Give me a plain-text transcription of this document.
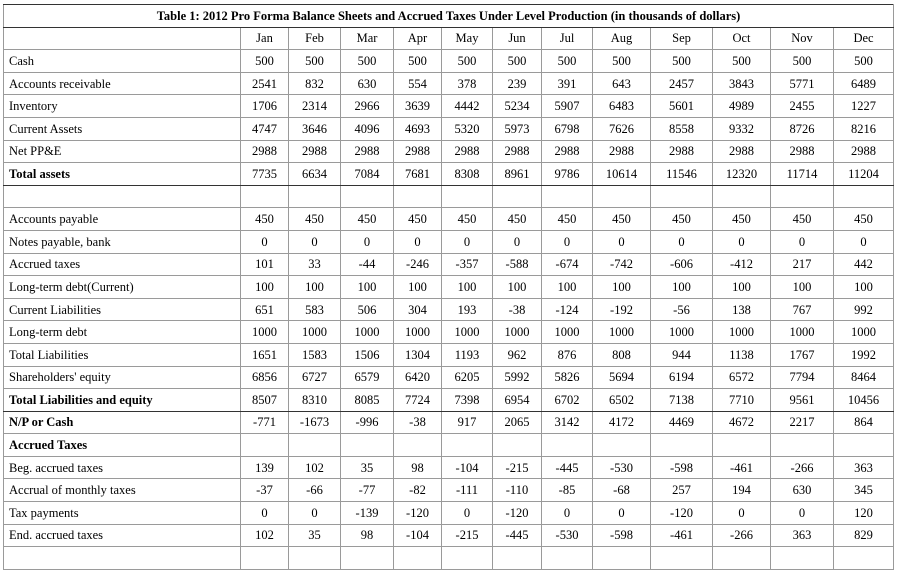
Table 1: 2012 Pro Forma Balance Sheets and Accrued Taxes Under Level Production (in thousands of dollars)												
	Jan	Feb	Mar	Apr	May	Jun	Jul	Aug	Sep	Oct	Nov	Dec
Cash	500	500	500	500	500	500	500	500	500	500	500	500
Accounts receivable	2541	832	630	554	378	239	391	643	2457	3843	5771	6489
Inventory	1706	2314	2966	3639	4442	5234	5907	6483	5601	4989	2455	1227
Current Assets	4747	3646	4096	4693	5320	5973	6798	7626	8558	9332	8726	8216
Net PP&E	2988	2988	2988	2988	2988	2988	2988	2988	2988	2988	2988	2988
Total assets	7735	6634	7084	7681	8308	8961	9786	10614	11546	12320	11714	11204

Accounts payable	450	450	450	450	450	450	450	450	450	450	450	450
Notes payable, bank	0	0	0	0	0	0	0	0	0	0	0	0
Accrued taxes	101	33	-44	-246	-357	-588	-674	-742	-606	-412	217	442
Long-term debt(Current)	100	100	100	100	100	100	100	100	100	100	100	100
Current Liabilities	651	583	506	304	193	-38	-124	-192	-56	138	767	992
Long-term debt	1000	1000	1000	1000	1000	1000	1000	1000	1000	1000	1000	1000
Total Liabilities	1651	1583	1506	1304	1193	962	876	808	944	1138	1767	1992
Shareholders' equity	6856	6727	6579	6420	6205	5992	5826	5694	6194	6572	7794	8464
Total Liabilities and equity	8507	8310	8085	7724	7398	6954	6702	6502	7138	7710	9561	10456
N/P or Cash	-771	-1673	-996	-38	917	2065	3142	4172	4469	4672	2217	864
Accrued Taxes												
Beg. accrued taxes	139	102	35	98	-104	-215	-445	-530	-598	-461	-266	363
Accrual of monthly taxes	-37	-66	-77	-82	-111	-110	-85	-68	257	194	630	345
Tax payments	0	0	-139	-120	0	-120	0	0	-120	0	0	120
End. accrued taxes	102	35	98	-104	-215	-445	-530	-598	-461	-266	363	829
